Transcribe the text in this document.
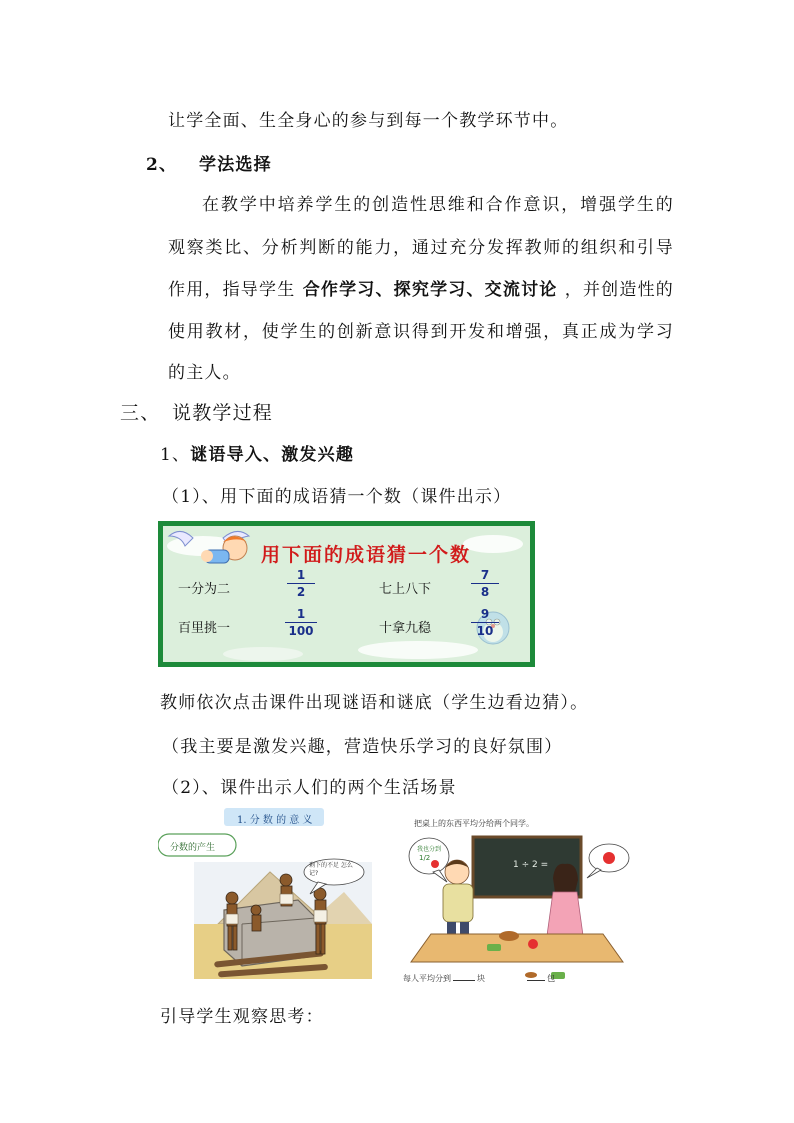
让学全面、生全身心的参与到每一个教学环节中。
2、 学法选择
在教学中培养学生的创造性思维和合作意识，增强学生的
观察类比、分析判断的能力，通过充分发挥教师的组织和引导
作用，指导学生 合作学习、探究学习、交流讨论 ，并创造性的
使用教材，使学生的创新意识得到开发和增强，真正成为学习
的主人。
三、 说教学过程
1、谜语导入、激发兴趣
（1）、用下面的成语猜一个数（课件出示）
用下面的成语猜一个数
一分为二	$\frac{1}{2}$	七上八下	$\frac{7}{8}$
百里挑一	$\frac{1}{100}$	十拿九稳	$\frac{9}{10}$
教师依次点击课件出现谜语和谜底（学生边看边猜）。
（我主要是激发兴趣，营造快乐学习的良好氛围）
（2）、课件出示人们的两个生活场景
1. 分 数 的 意 义
分数的产生
剩下的不足 怎么记?
把桌上的东西平均分给两个同学。
我也分到
1/2
1 ÷ 2 =
每人平均分到	块	包
引导学生观察思考：
